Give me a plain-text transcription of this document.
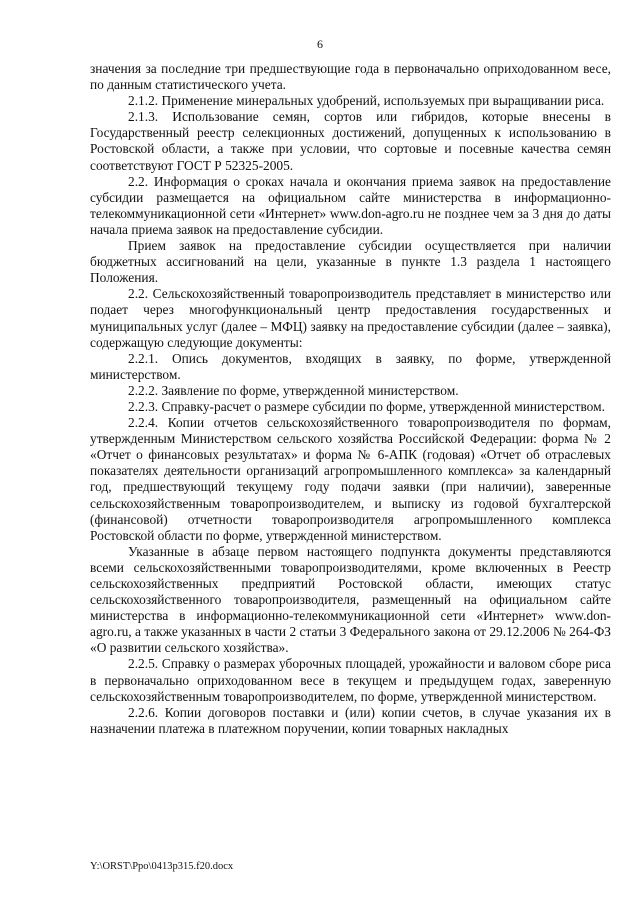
6

значения за последние три предшествующие года в первоначально оприходованном весе, по данным статистического учета.

2.1.2. Применение минеральных удобрений, используемых при выращивании риса.

2.1.3. Использование семян, сортов или гибридов, которые внесены в Государственный реестр селекционных достижений, допущенных к использованию в Ростовской области, а также при условии, что сортовые и посевные качества семян соответствуют ГОСТ Р 52325-2005.

2.2. Информация о сроках начала и окончания приема заявок на предоставление субсидии размещается на официальном сайте министерства в информационно-телекоммуникационной сети «Интернет» www.don-agro.ru не позднее чем за 3 дня до даты начала приема заявок на предоставление субсидии.

Прием заявок на предоставление субсидии осуществляется при наличии бюджетных ассигнований на цели, указанные в пункте 1.3 раздела 1 настоящего Положения.

2.2. Сельскохозяйственный товаропроизводитель представляет в министерство или подает через многофункциональный центр предоставления государственных и муниципальных услуг (далее – МФЦ) заявку на предоставление субсидии (далее – заявка), содержащую следующие документы:

2.2.1. Опись документов, входящих в заявку, по форме, утвержденной министерством.

2.2.2. Заявление по форме, утвержденной министерством.

2.2.3. Справку-расчет о размере субсидии по форме, утвержденной министерством.

2.2.4. Копии отчетов сельскохозяйственного товаропроизводителя по формам, утвержденным Министерством сельского хозяйства Российской Федерации: форма № 2 «Отчет о финансовых результатах» и форма № 6-АПК (годовая) «Отчет об отраслевых показателях деятельности организаций агропромышленного комплекса» за календарный год, предшествующий текущему году подачи заявки (при наличии), заверенные сельскохозяйственным товаропроизводителем, и выписку из годовой бухгалтерской (финансовой) отчетности товаропроизводителя агропромышленного комплекса Ростовской области по форме, утвержденной министерством.

Указанные в абзаце первом настоящего подпункта документы представляются всеми сельскохозяйственными товаропроизводителями, кроме включенных в Реестр сельскохозяйственных предприятий Ростовской области, имеющих статус сельскохозяйственного товаропроизводителя, размещенный на официальном сайте министерства в информационно-телекоммуникационной сети «Интернет» www.don-agro.ru, а также указанных в части 2 статьи 3 Федерального закона от 29.12.2006 № 264-ФЗ «О развитии сельского хозяйства».

2.2.5. Справку о размерах уборочных площадей, урожайности и валовом сборе риса в первоначально оприходованном весе в текущем и предыдущем годах, заверенную сельскохозяйственным товаропроизводителем, по форме, утвержденной министерством.

2.2.6. Копии договоров поставки и (или) копии счетов, в случае указания их в назначении платежа в платежном поручении, копии товарных накладных

Y:\ORST\Ppo\0413p315.f20.docx
